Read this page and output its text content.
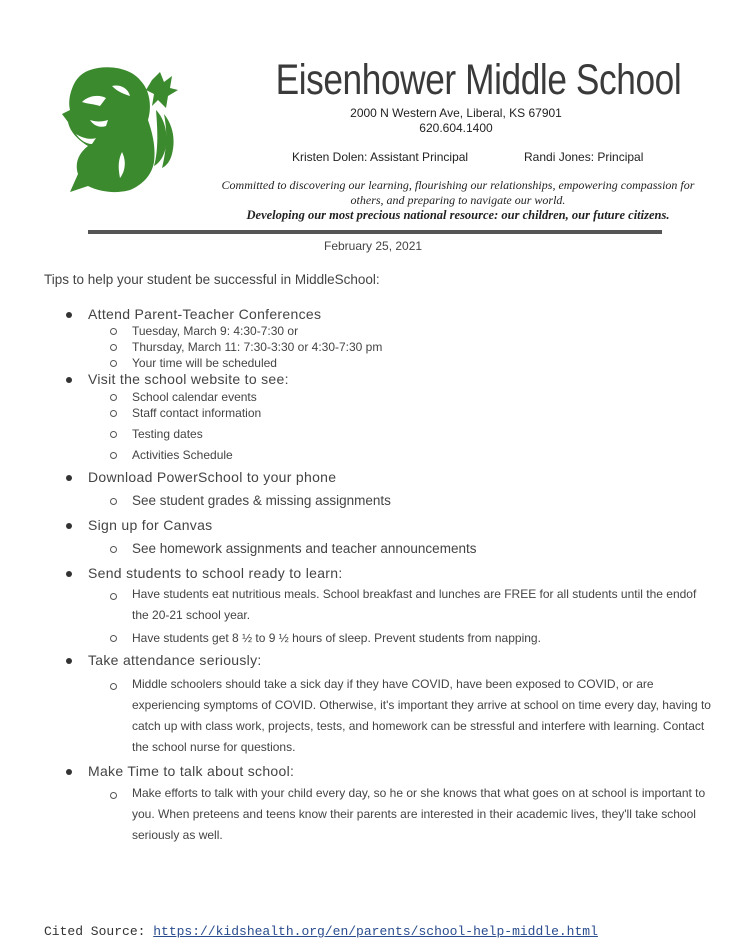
Eisenhower Middle School
2000 N Western Ave, Liberal, KS 67901
620.604.1400
Kristen Dolen: Assistant Principal	Randi Jones: Principal
Committed to discovering our learning, flourishing our relationships, empowering compassion for others, and preparing to navigate our world.
Developing our most precious national resource: our children, our future citizens.
February 25, 2021
Tips to help your student be successful in MiddleSchool:
Attend Parent-Teacher Conferences
Tuesday, March 9: 4:30-7:30 or
Thursday, March 11: 7:30-3:30 or 4:30-7:30 pm
Your time will be scheduled
Visit the school website to see:
School calendar events
Staff contact information
Testing dates
Activities Schedule
Download PowerSchool to your phone
See student grades & missing assignments
Sign up for Canvas
See homework assignments and teacher announcements
Send students to school ready to learn:
Have students eat nutritious meals. School breakfast and lunches are FREE for all students until the endof the 20-21 school year.
Have students get 8 ½ to 9 ½ hours of sleep. Prevent students from napping.
Take attendance seriously:
Middle schoolers should take a sick day if they have COVID, have been exposed to COVID, or are experiencing symptoms of COVID. Otherwise, it's important they arrive at school on time every day, having to catch up with class work, projects, tests, and homework can be stressful and interfere with learning. Contact the school nurse for questions.
Make Time to talk about school:
Make efforts to talk with your child every day, so he or she knows that what goes on at school is important to you. When preteens and teens know their parents are interested in their academic lives, they'll take school seriously as well.
Cited Source: https://kidshealth.org/en/parents/school-help-middle.html
